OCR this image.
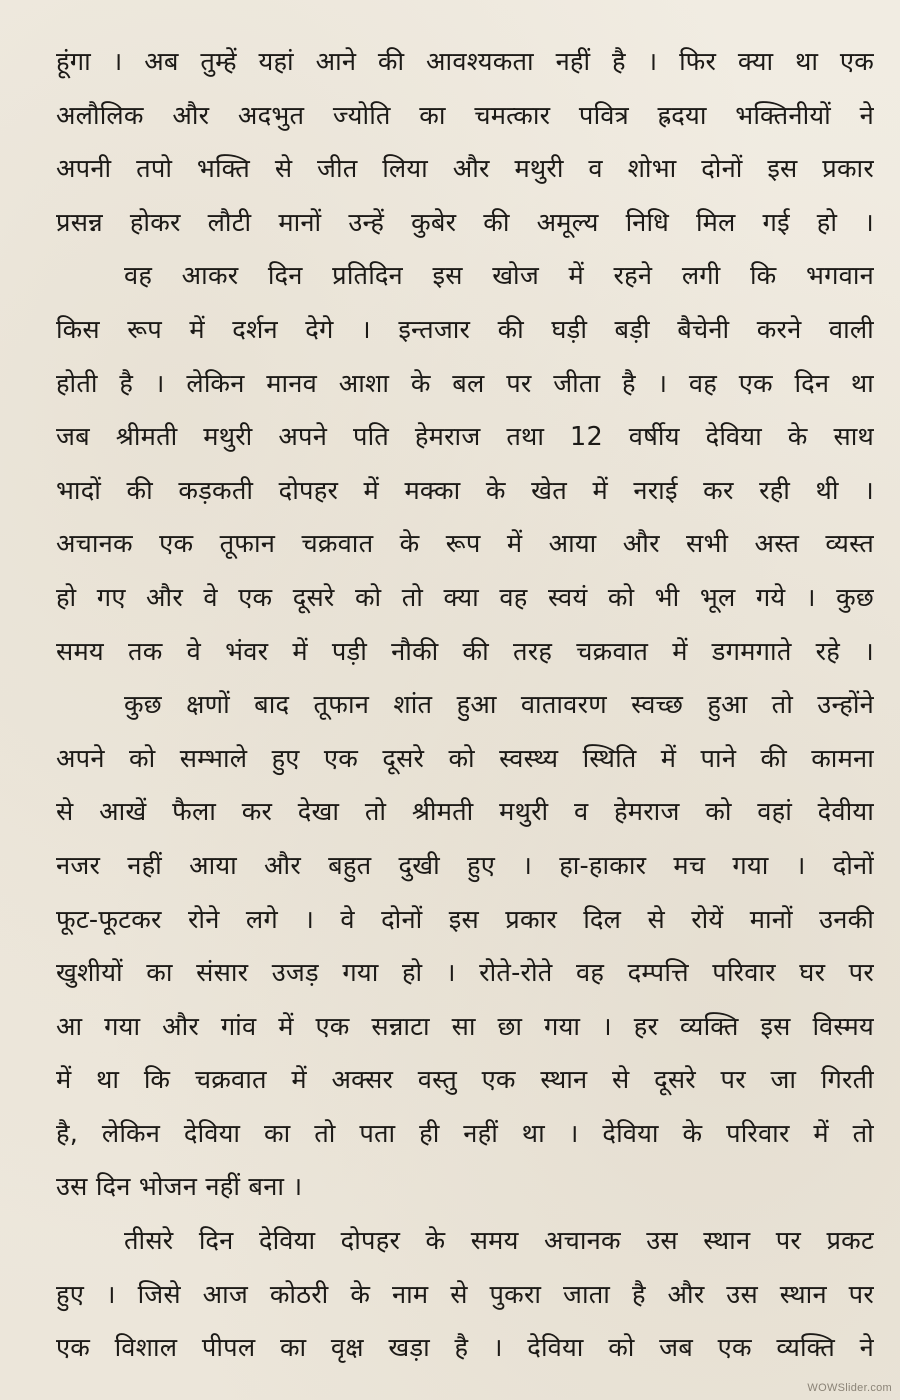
हूंगा । अब तुम्हें यहां आने की आवश्यकता नहीं है । फिर क्या था एक
अलौलिक और अदभुत ज्योति का चमत्कार पवित्र ह्रदया भक्तिनीयों ने
अपनी तपो भक्ति से जीत लिया और मथुरी व शोभा दोनों इस प्रकार
प्रसन्न होकर लौटी मानों उन्हें कुबेर की अमूल्य निधि मिल गई हो ।
वह आकर दिन प्रतिदिन इस खोज में रहने लगी कि भगवान
किस रूप में दर्शन देगे । इन्तजार की घड़ी बड़ी बैचेनी करने वाली
होती है । लेकिन मानव आशा के बल पर जीता है । वह एक दिन था
जब श्रीमती मथुरी अपने पति हेमराज तथा 12 वर्षीय देविया के साथ
भादों की कड़कती दोपहर में मक्का के खेत में नराई कर रही थी ।
अचानक एक तूफान चक्रवात के रूप में आया और सभी अस्त व्यस्त
हो गए और वे एक दूसरे को तो क्या वह स्वयं को भी भूल गये । कुछ
समय तक वे भंवर में पड़ी नौकी की तरह चक्रवात में डगमगाते रहे ।
कुछ क्षणों बाद तूफान शांत हुआ वातावरण स्वच्छ हुआ तो उन्होंने
अपने को सम्भाले हुए एक दूसरे को स्वस्थ्य स्थिति में पाने की कामना
से आखें फैला कर देखा तो श्रीमती मथुरी व हेमराज को वहां देवीया
नजर नहीं आया और बहुत दुखी हुए । हा-हाकार मच गया । दोनों
फूट-फूटकर रोने लगे । वे दोनों इस प्रकार दिल से रोयें मानों उनकी
खुशीयों का संसार उजड़ गया हो । रोते-रोते वह दम्पत्ति परिवार घर पर
आ गया और गांव में एक सन्नाटा सा छा गया । हर व्यक्ति इस विस्मय
में था कि चक्रवात में अक्सर वस्तु एक स्थान से दूसरे पर जा गिरती
है, लेकिन देविया का तो पता ही नहीं था । देविया के परिवार में तो
उस दिन भोजन नहीं बना ।
तीसरे दिन देविया दोपहर के समय अचानक उस स्थान पर प्रकट
हुए । जिसे आज कोठरी के नाम से पुकरा जाता है और उस स्थान पर
एक विशाल पीपल का वृक्ष खड़ा है । देविया को जब एक व्यक्ति ने
WOWSlider.com
